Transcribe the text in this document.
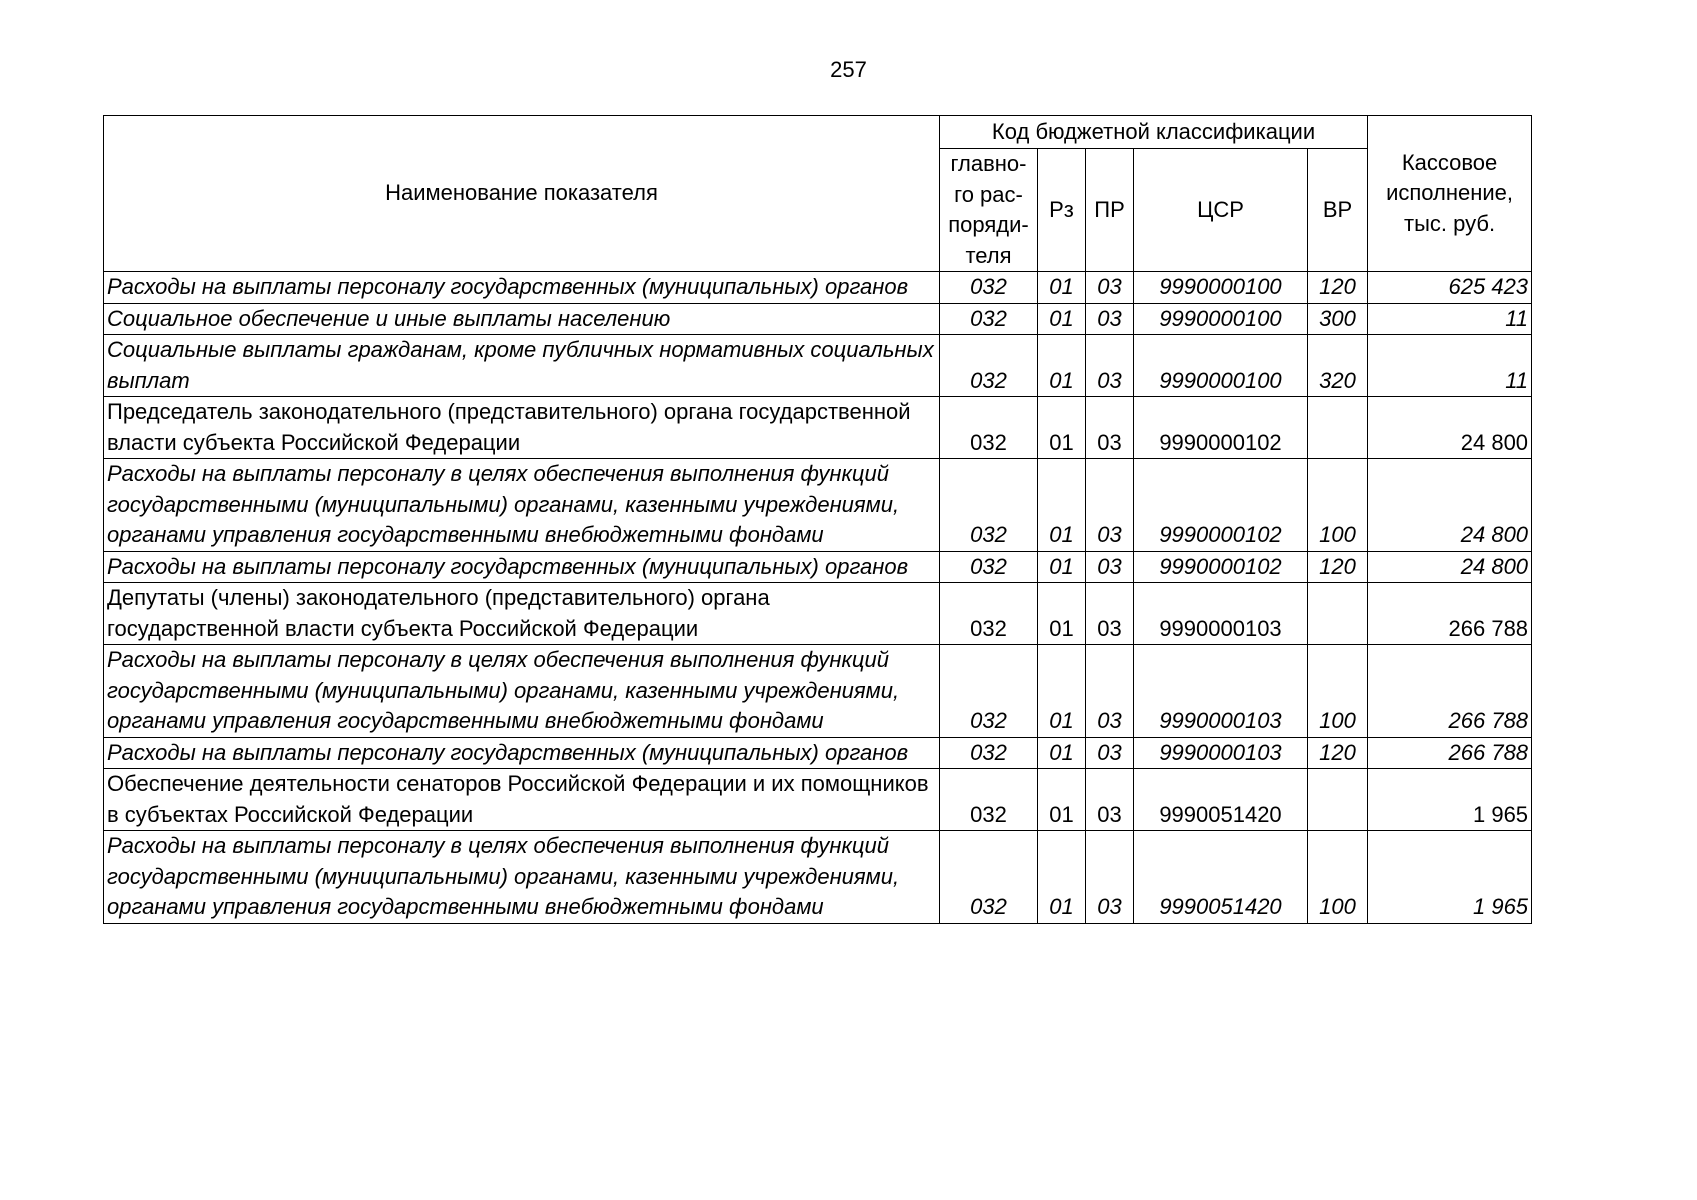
257
Наименование показателя	Код бюджетной классификации					Кассовое исполнение, тыс. руб.
	главно-го рас-поряди-теля	Рз	ПР	ЦСР	ВР	
Расходы на выплаты персоналу государственных (муниципальных) органов	032	01	03	9990000100	120	625 423
Социальное обеспечение и иные выплаты населению	032	01	03	9990000100	300	11
Социальные выплаты гражданам, кроме публичных нормативных социальных выплат	032	01	03	9990000100	320	11
Председатель законодательного (представительного) органа государственной власти субъекта Российской Федерации	032	01	03	9990000102		24 800
Расходы на выплаты персоналу в целях обеспечения выполнения функций государственными (муниципальными) органами, казенными учреждениями, органами управления государственными внебюджетными фондами	032	01	03	9990000102	100	24 800
Расходы на выплаты персоналу государственных (муниципальных) органов	032	01	03	9990000102	120	24 800
Депутаты (члены) законодательного (представительного) органа государственной власти субъекта Российской Федерации	032	01	03	9990000103		266 788
Расходы на выплаты персоналу в целях обеспечения выполнения функций государственными (муниципальными) органами, казенными учреждениями, органами управления государственными внебюджетными фондами	032	01	03	9990000103	100	266 788
Расходы на выплаты персоналу государственных (муниципальных) органов	032	01	03	9990000103	120	266 788
Обеспечение деятельности сенаторов Российской Федерации и их помощников в субъектах Российской Федерации	032	01	03	9990051420		1 965
Расходы на выплаты персоналу в целях обеспечения выполнения функций государственными (муниципальными) органами, казенными учреждениями, органами управления государственными внебюджетными фондами	032	01	03	9990051420	100	1 965
